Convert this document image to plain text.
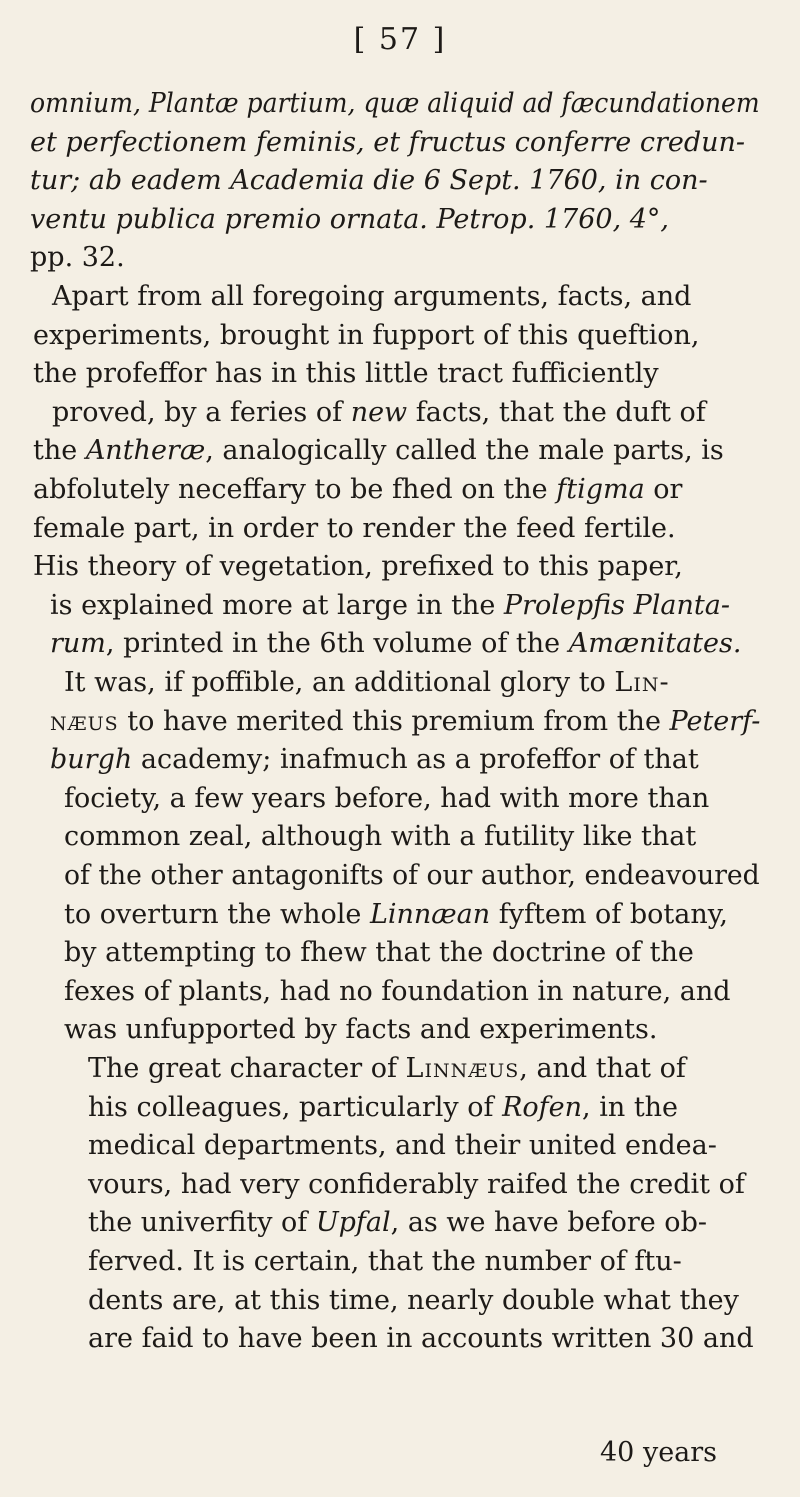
[ 57 ]
omnium, Plantæ partium, quæ aliquid ad fæcundationem
et perfectionem feminis, et fructus conferre credun-
tur; ab eadem Academia die 6 Sept. 1760, in con-
ventu publica premio ornata. Petrop. 1760, 4°,
pp. 32.
Apart from all foregoing arguments, facts, and
experiments, brought in fupport of this queftion,
the profeffor has in this little tract fufficiently
proved, by a feries of new facts, that the duft of
the Antheræ, analogically called the male parts, is
abfolutely neceffary to be fhed on the ftigma or
female part, in order to render the feed fertile.
His theory of vegetation, prefixed to this paper,
is explained more at large in the Prolepfis Planta-
rum, printed in the 6th volume of the Amænitates.
It was, if poffible, an additional glory to Lin-
næus to have merited this premium from the Peterf-
burgh academy; inafmuch as a profeffor of that
fociety, a few years before, had with more than
common zeal, although with a futility like that
of the other antagonifts of our author, endeavoured
to overturn the whole Linnæan fyftem of botany,
by attempting to fhew that the doctrine of the
fexes of plants, had no foundation in nature, and
was unfupported by facts and experiments.
The great character of Linnæus, and that of
his colleagues, particularly of Rofen, in the
medical departments, and their united endea-
vours, had very confiderably raifed the credit of
the univerfity of Upfal, as we have before ob-
ferved. It is certain, that the number of ftu-
dents are, at this time, nearly double what they
are faid to have been in accounts written 30 and
40 years
